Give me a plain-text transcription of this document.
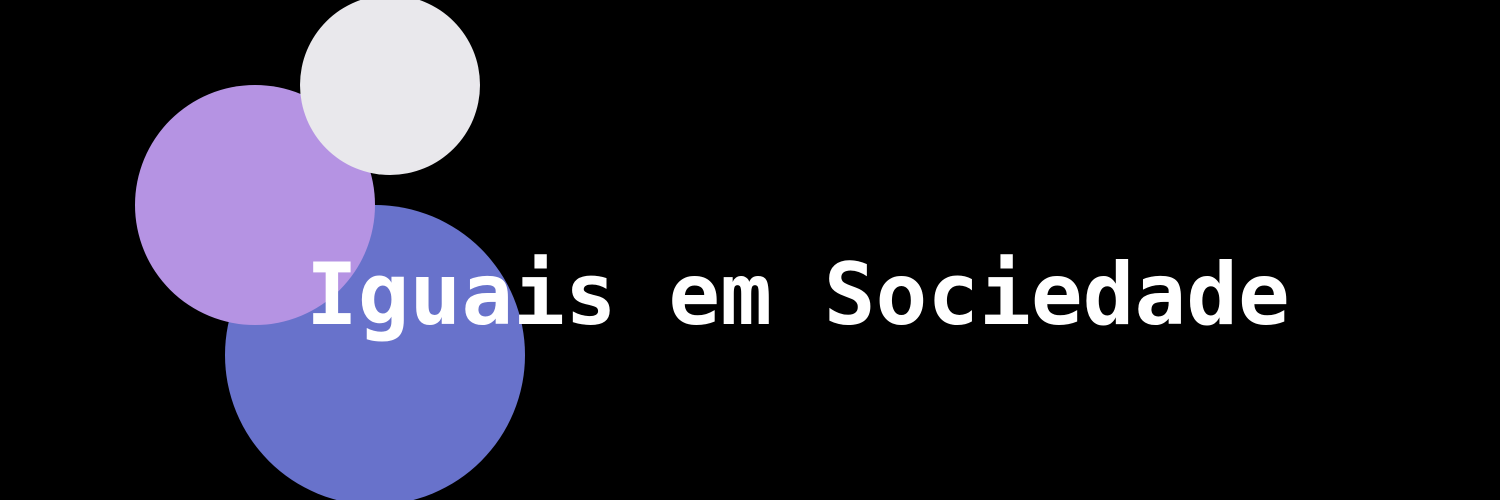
Iguais em Sociedade
